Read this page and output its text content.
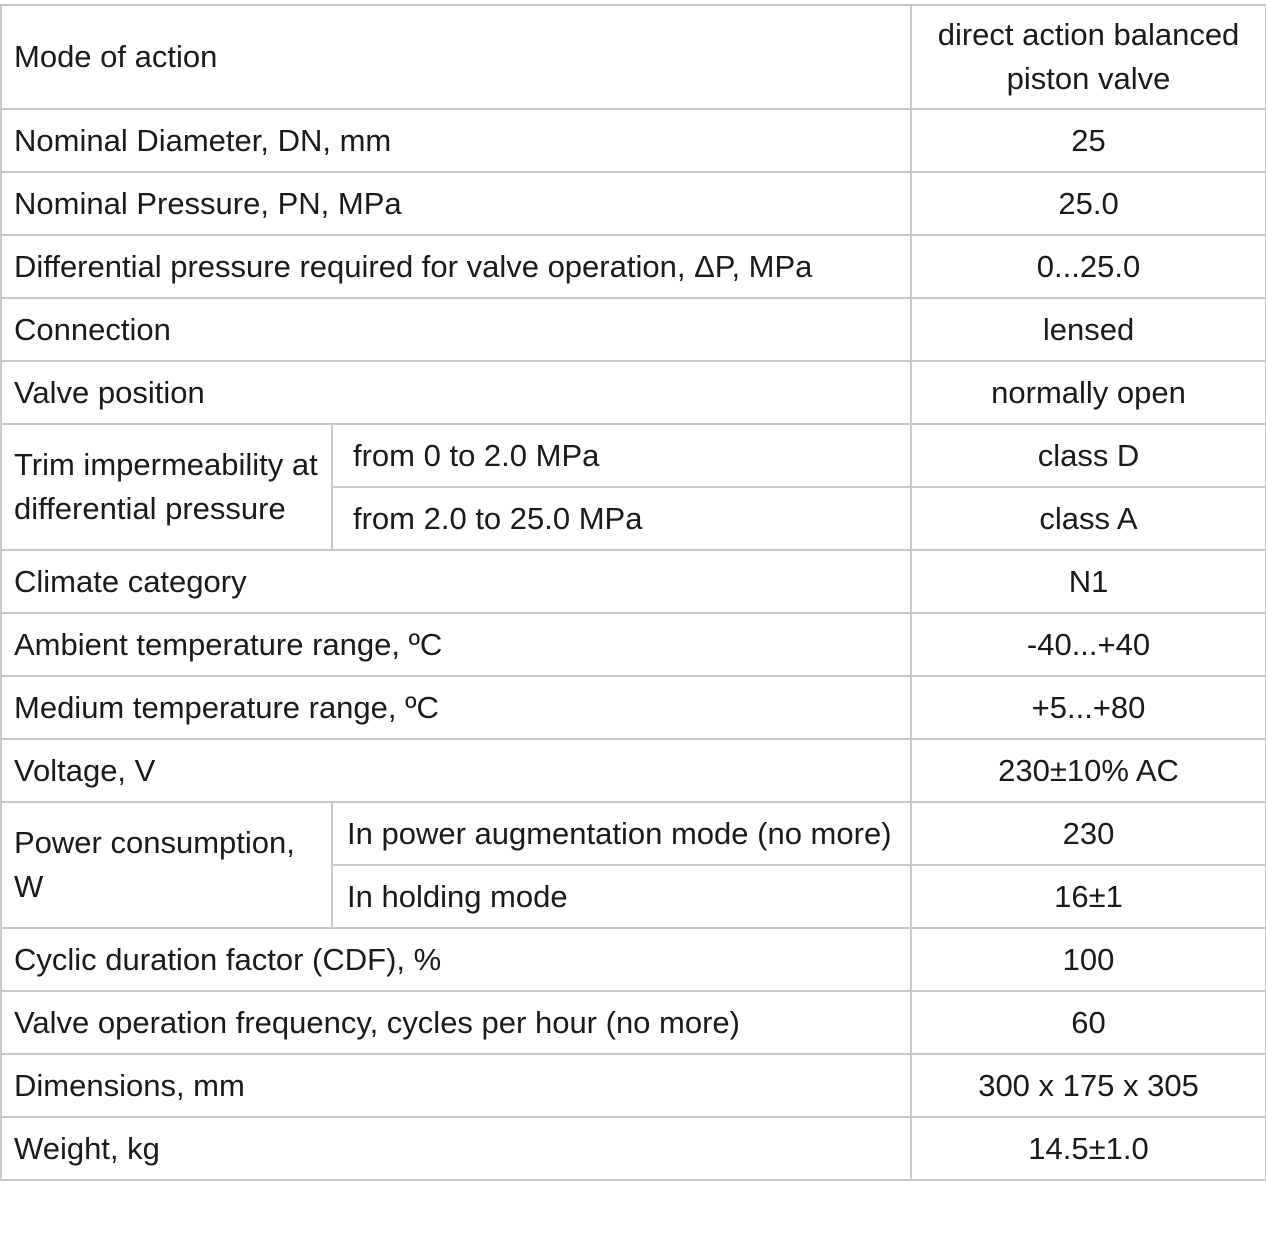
Mode of action		direct action balanced piston valve
Nominal Diameter, DN, mm		25
Nominal Pressure, PN, MPa		25.0
Differential pressure required for valve operation, ΔP, MPa		0...25.0
Connection		lensed
Valve position		normally open
Trim impermeability at differential pressure	from 0 to 2.0 MPa	class D
	from 2.0 to 25.0 MPa	class A
Climate category		N1
Ambient temperature range, ºC		-40...+40
Medium temperature range, ºC		+5...+80
Voltage, V		230±10% AC
Power consumption, W	In power augmentation mode (no more)	230
	In holding mode	16±1
Cyclic duration factor (CDF), %		100
Valve operation frequency, cycles per hour (no more)		60
Dimensions, mm		300 x 175 x 305
Weight, kg		14.5±1.0
